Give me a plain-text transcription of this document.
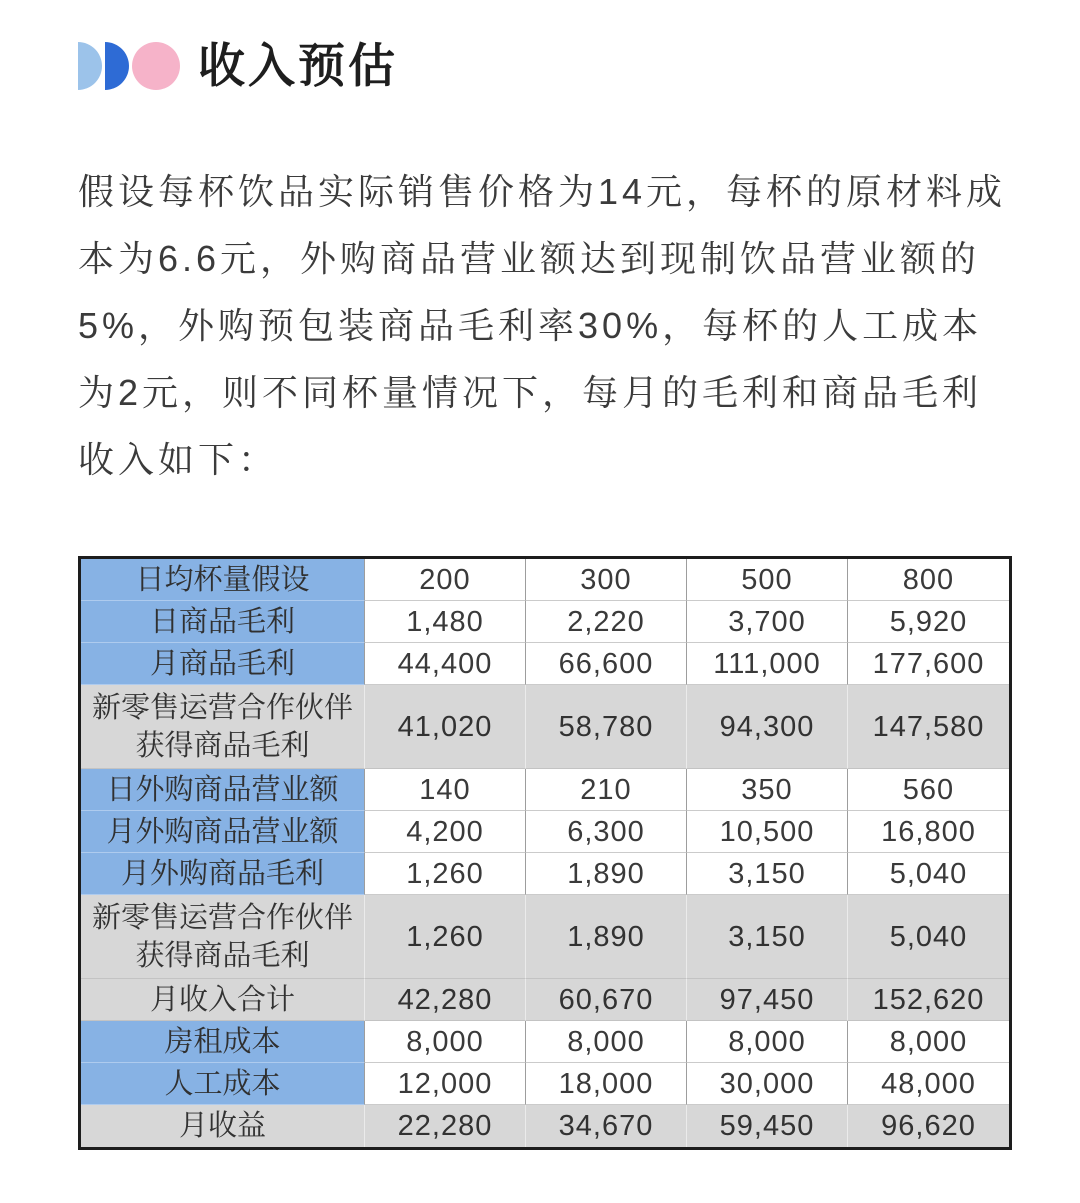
收入预估
假设每杯饮品实际销售价格为14元，每杯的原材料成
本为6.6元，外购商品营业额达到现制饮品营业额的
5%，外购预包装商品毛利率30%，每杯的人工成本
为2元，则不同杯量情况下，每月的毛利和商品毛利
收入如下：
日均杯量假设	200	300	500	800
日商品毛利	1,480	2,220	3,700	5,920
月商品毛利	44,400	66,600	111,000	177,600
新零售运营合作伙伴获得商品毛利	41,020	58,780	94,300	147,580
日外购商品营业额	140	210	350	560
月外购商品营业额	4,200	6,300	10,500	16,800
月外购商品毛利	1,260	1,890	3,150	5,040
新零售运营合作伙伴获得商品毛利	1,260	1,890	3,150	5,040
月收入合计	42,280	60,670	97,450	152,620
房租成本	8,000	8,000	8,000	8,000
人工成本	12,000	18,000	30,000	48,000
月收益	22,280	34,670	59,450	96,620
